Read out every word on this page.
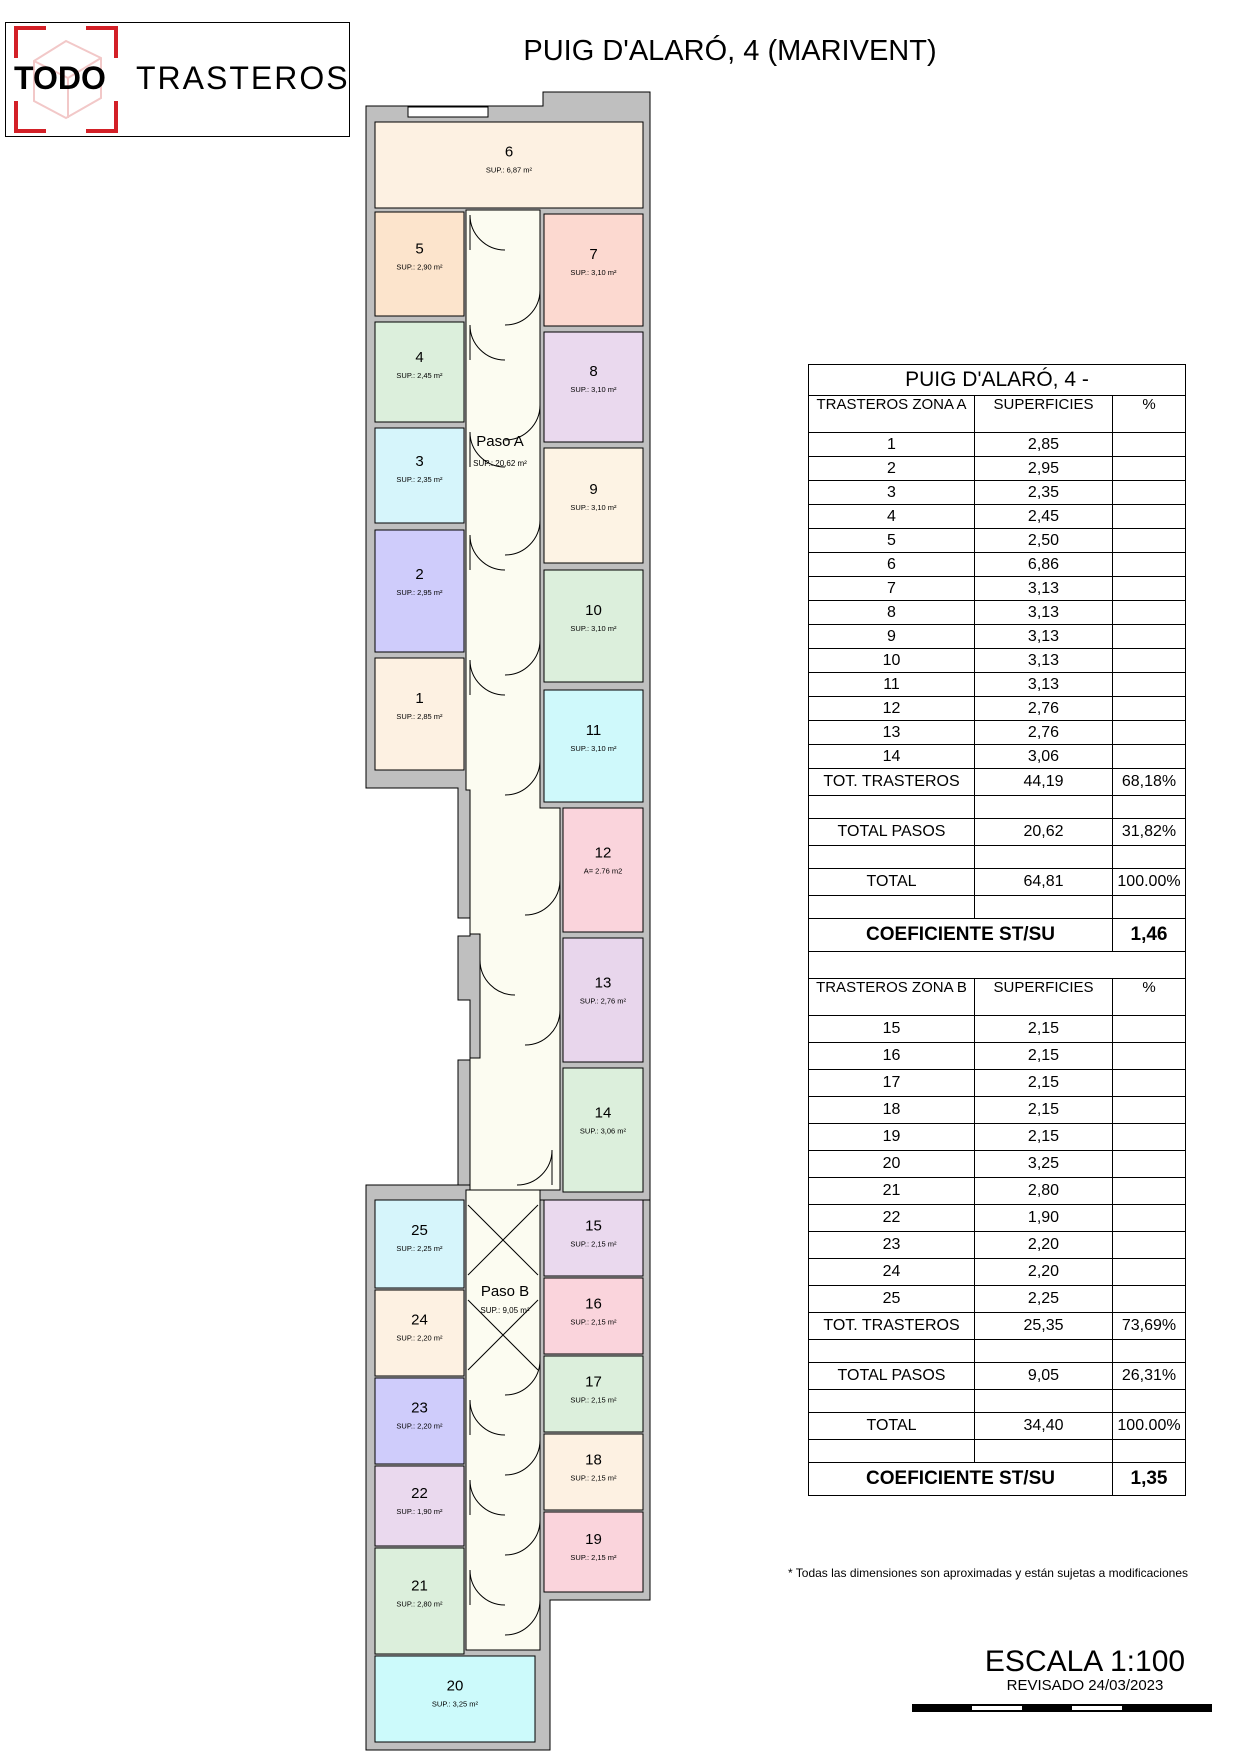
TODO TRASTEROS
PUIG D'ALARÓ, 4 (MARIVENT)
6
SUP.: 6,87 m²
5
SUP.: 2,90 m²
4
SUP.: 2,45 m²
3
SUP.: 2,35 m²
2
SUP.: 2,95 m²
1
SUP.: 2,85 m²
7
SUP.: 3,10 m²
8
SUP.: 3,10 m²
9
SUP.: 3,10 m²
10
SUP.: 3,10 m²
11
SUP.: 3,10 m²
12
A= 2.76 m2
13
SUP.: 2,76 m²
14
SUP.: 3,06 m²
25
SUP.: 2,25 m²
24
SUP.: 2,20 m²
23
SUP.: 2,20 m²
22
SUP.: 1,90 m²
21
SUP.: 2,80 m²
20
SUP.: 3,25 m²
15
SUP.: 2,15 m²
16
SUP.: 2,15 m²
17
SUP.: 2,15 m²
18
SUP.: 2,15 m²
19
SUP.: 2,15 m²
Paso A
SUP.: 20,62 m²
Paso B
SUP.: 9,05 m²
PUIG D'ALARÓ, 4 -		
TRASTEROS ZONA A	SUPERFICIES	%
1	2,85	
2	2,95	
3	2,35	
4	2,45	
5	2,50	
6	6,86	
7	3,13	
8	3,13	
9	3,13	
10	3,13	
11	3,13	
12	2,76	
13	2,76	
14	3,06	
TOT. TRASTEROS	44,19	68,18%

TOTAL PASOS	20,62	31,82%

TOTAL	64,81	100.00%

COEFICIENTE ST/SU		1,46

TRASTEROS ZONA B	SUPERFICIES	%
15	2,15	
16	2,15	
17	2,15	
18	2,15	
19	2,15	
20	3,25	
21	2,80	
22	1,90	
23	2,20	
24	2,20	
25	2,25	
TOT. TRASTEROS	25,35	73,69%

TOTAL PASOS	9,05	26,31%

TOTAL	34,40	100.00%

COEFICIENTE ST/SU		1,35
* Todas las dimensiones son aproximadas y están sujetas a modificaciones
ESCALA 1:100
REVISADO 24/03/2023
